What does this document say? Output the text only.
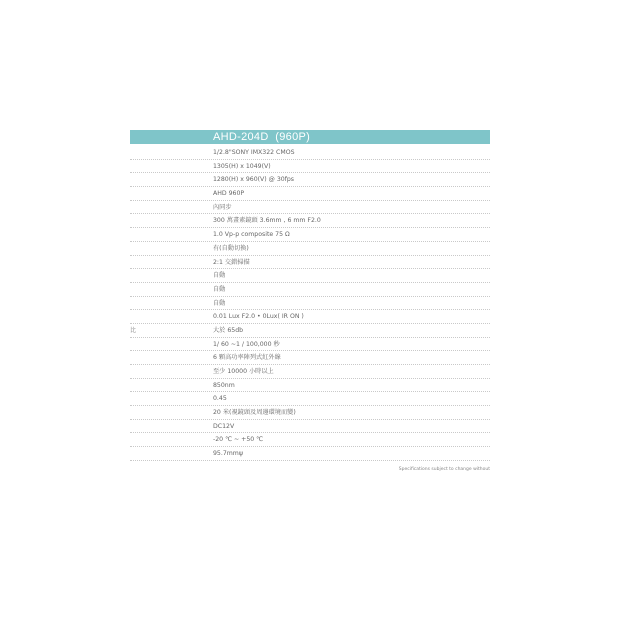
AHD-204D  (960P)
1/2.8"SONY IMX322 CMOS
1305(H) x 1049(V)
1280(H) x 960(V) @ 30fps
AHD 960P
內同步
300 萬畫素鏡頭 3.6mm , 6 mm F2.0
1.0 Vp-p composite 75 Ω
有(自動切換)
2:1 交錯掃描
自動
自動
自動
0.01 Lux F2.0 • 0Lux( IR ON )
比	大於 65db
1/ 60 ~1 / 100,000 秒
6 顆高功率陣列式紅外線
至少 10000 小時以上
850nm
0.45
20 米(視鏡頭及周邊環境而變)
DC12V
-20 ℃ ~ +50 ℃
95.7mmψ
Specifications subject to change without
